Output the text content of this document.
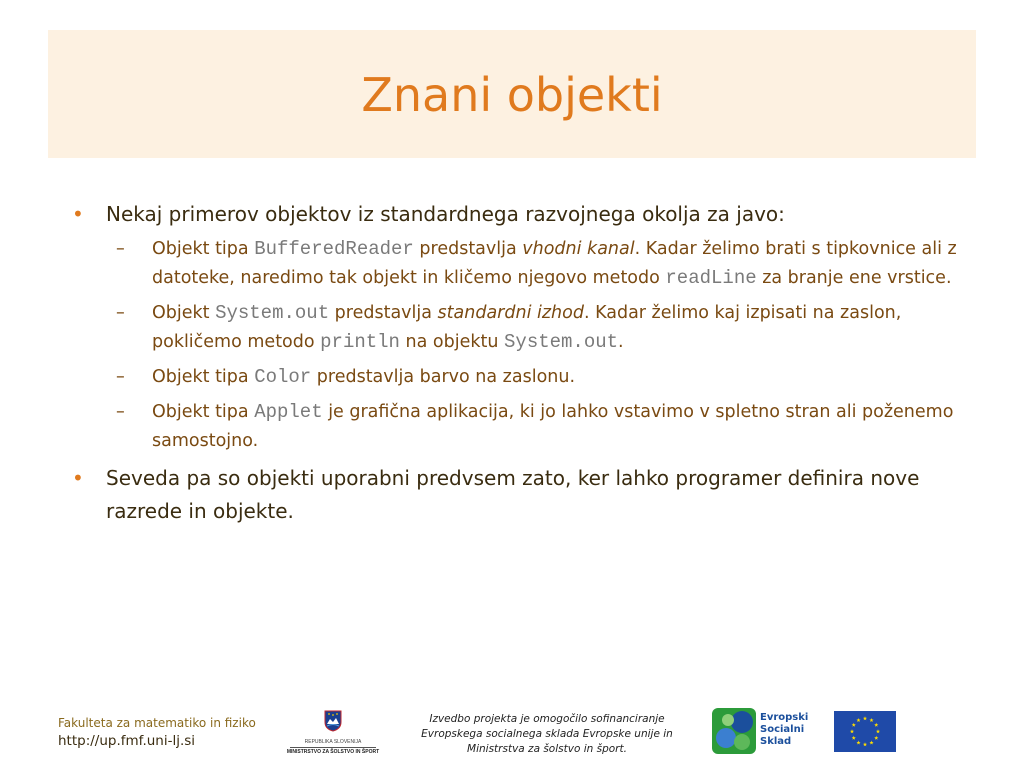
Znani objekti
• Nekaj primerov objektov iz standardnega razvojnega okolja za javo:
– Objekt tipa BufferedReader predstavlja vhodni kanal. Kadar želimo brati s tipkovnice ali z datoteke, naredimo tak objekt in kličemo njegovo metodo readLine za branje ene vrstice.
– Objekt System.out predstavlja standardni izhod. Kadar želimo kaj izpisati na zaslon, pokličemo metodo println na objektu System.out.
– Objekt tipa Color predstavlja barvo na zaslonu.
– Objekt tipa Applet je grafična aplikacija, ki jo lahko vstavimo v spletno stran ali poženemo samostojno.
• Seveda pa so objekti uporabni predvsem zato, ker lahko programer definira nove razrede in objekte.
Fakulteta za matematiko in fiziko
http://up.fmf.uni-lj.si	REPUBLIKA SLOVENIJA
MINISTRSTVO ZA ŠOLSTVO IN ŠPORT
Izvedbo projekta je omogočilo sofinanciranje
Evropskega socialnega sklada Evropske unije in
Ministrstva za šolstvo in šport.
Evropski
Socialni
Sklad
